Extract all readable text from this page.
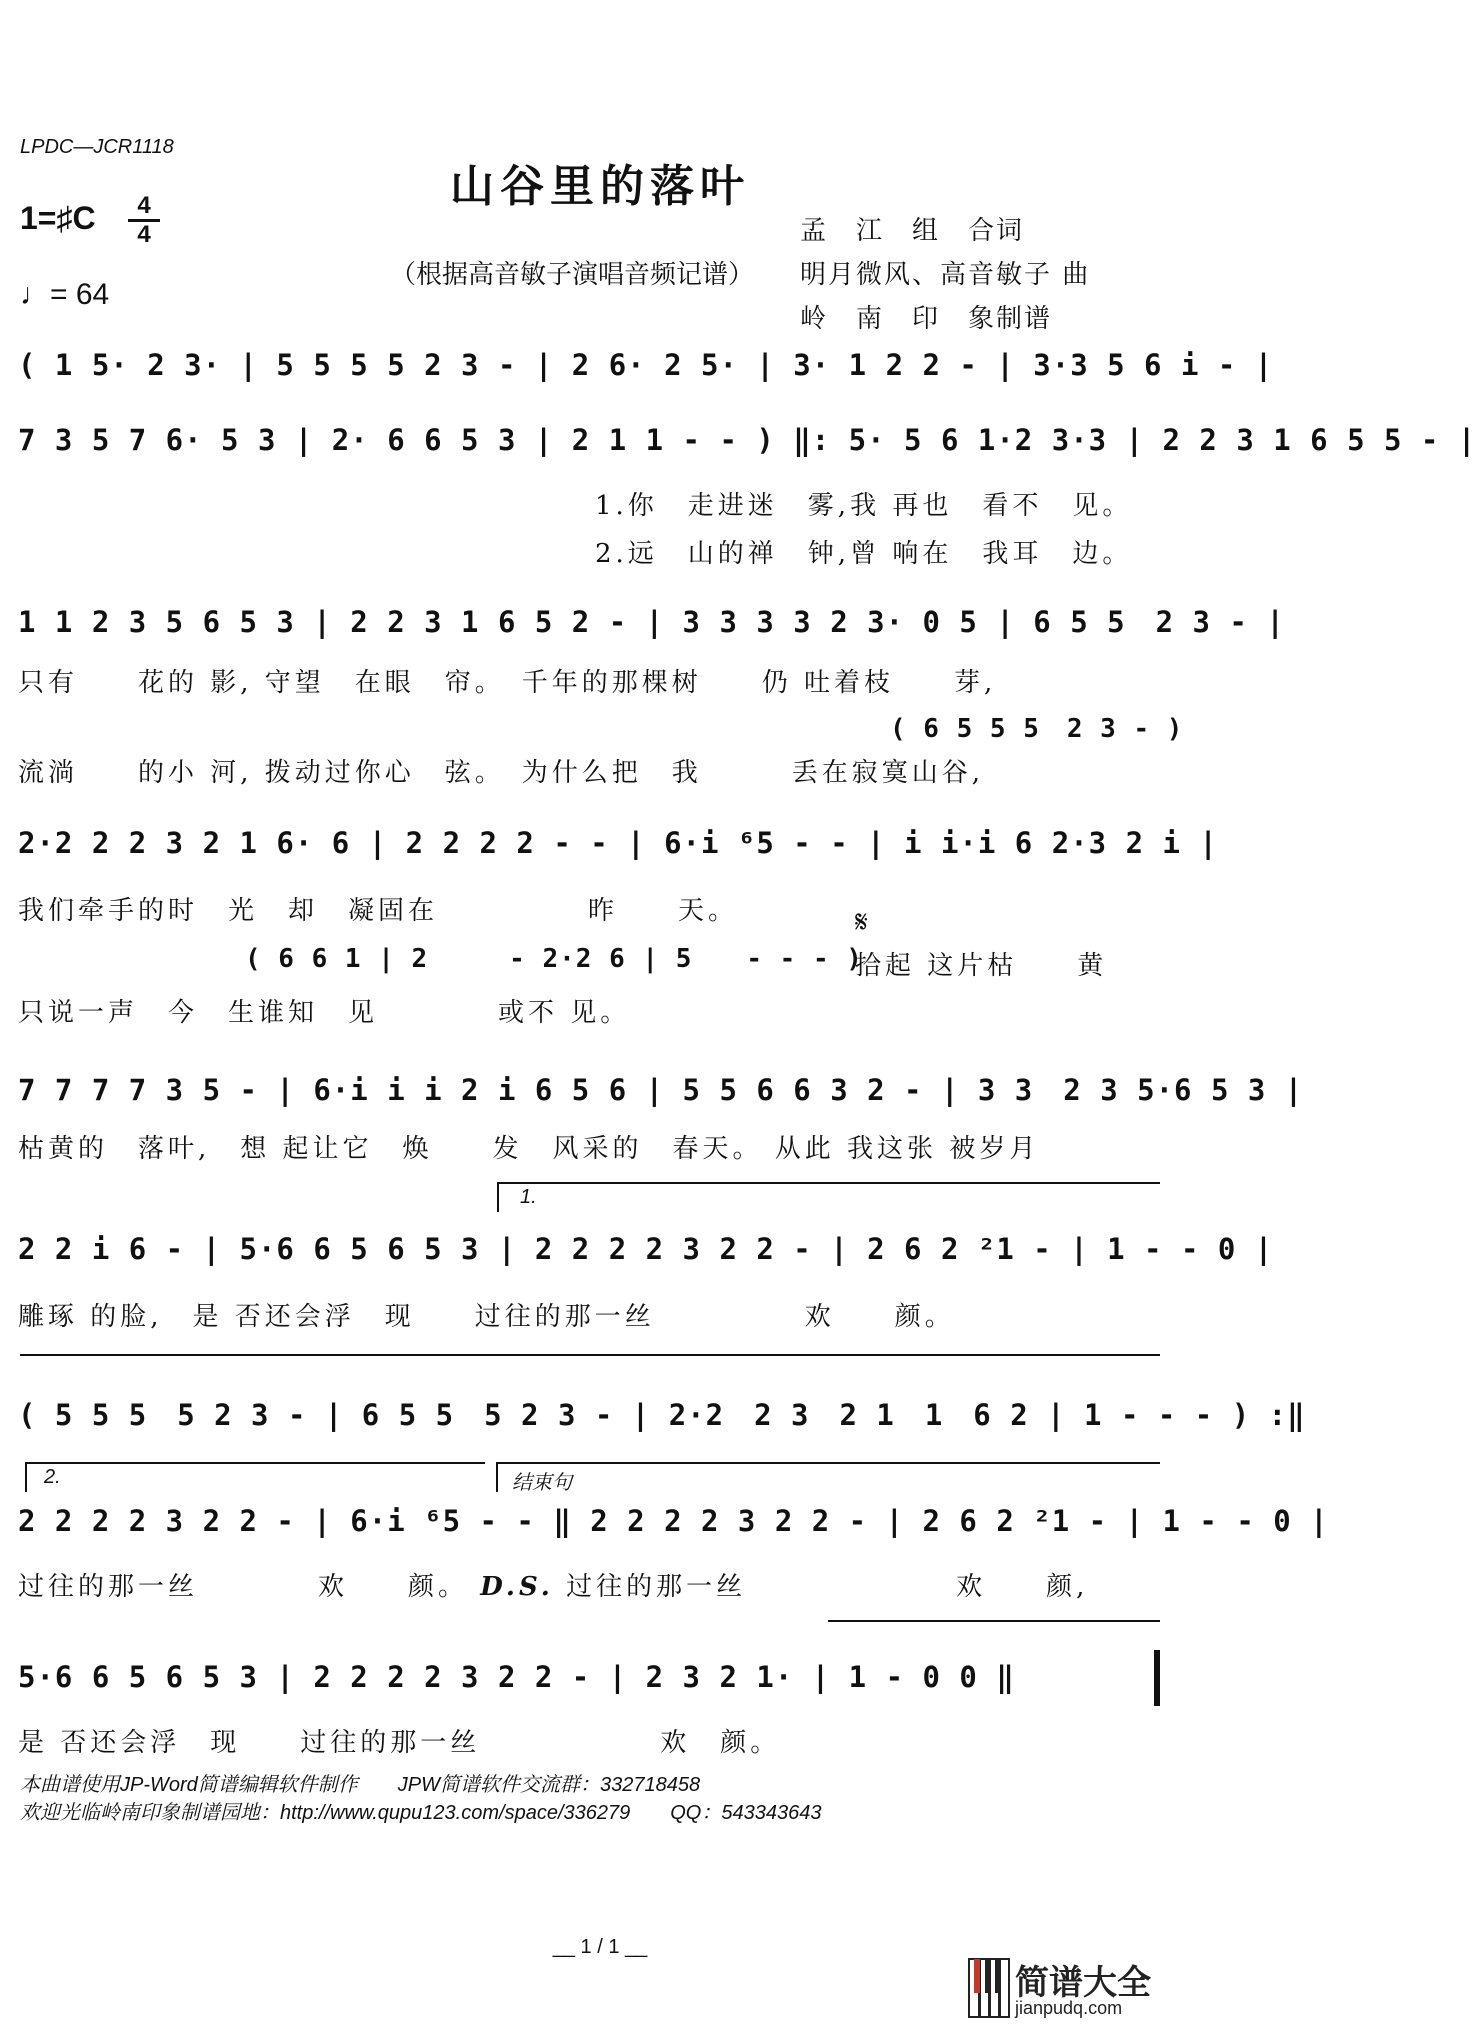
LPDC—JCR1118
山谷里的落叶
1=♯C	4
4
♩= 64
孟　江　组　合词
（根据高音敏子演唱音频记谱） 明月微风、高音敏子 曲
岭　南　印　象制谱
( 1 5· 2 3· | 5 5 5 5 2 3 - | 2 6· 2 5· | 3· 1 2 2 - | 3·3 5 6 i - |
7 3 5 7 6· 5 3 | 2· 6 6 5 3 | 2 1 1 - - ) ‖: 5· 5 6 1·2 3·3 | 2 2 3 1 6 5 5 - |
1.你　走进迷　雾,我 再也　看不　见。
2.远　山的禅　钟,曾 响在　我耳　边。
1 1 2 3 5 6 5 3 | 2 2 3 1 6 5 2 - | 3 3 3 3 2 3· 0 5 | 6 5 5　2 3 - |
只有　　花的 影, 守望　在眼　帘。　千年的那棵树　　仍 吐着枝　　芽,
( 6 5 5 5　2 3 - )
流淌　　的小 河, 拨动过你心　弦。　为什么把　我　　　丢在寂寞山谷,
2·2 2 2 3 2 1 6· 6 | 2 2 2 2 - - | 6·i ⁶5 - - | i i·i 6 2·3 2 i |
我们牵手的时　光　却　凝固在　　　　　昨　　天。
( 6 6 1 | 2　　　- 2·2 6 | 5　　- - - )
𝄋
拾起 这片枯　　黄
只说一声　今　生谁知　见　　　　或不 见。
7 7 7 7 3 5 - | 6·i i i 2 i 6 5 6 | 5 5 6 6 3 2 - | 3 3　2 3 5·6 5 3 |
枯黄的　落叶,　想 起让它　焕　　发　风采的　春天。 从此 我这张 被岁月
1.
2 2 i 6 - | 5·6 6 5 6 5 3 | 2 2 2 2 3 2 2 - | 2 6 2 ²1 - | 1 - - 0 |
雕琢 的脸,　是 否还会浮　现　　过往的那一丝　　　　　欢　　颜。
( 5 5 5　5 2 3 - | 6 5 5　5 2 3 - | 2·2　2 3　2 1　1　6 2 | 1 - - - ) :‖
2.	结束句
2 2 2 2 3 2 2 - | 6·i ⁶5 - - ‖ 2 2 2 2 3 2 2 - | 2 6 2 ²1 - | 1 - - 0 |
过往的那一丝　　　　欢　　颜。 D.S. 过往的那一丝　　　　　　　欢　　颜,
5·6 6 5 6 5 3 | 2 2 2 2 3 2 2 - | 2 3 2 1· | 1 - 0 0 ‖
是 否还会浮　现　　过往的那一丝　　　　　　欢　颜。
本曲谱使用JP-Word简谱编辑软件制作　　JPW简谱软件交流群：332718458
欢迎光临岭南印象制谱园地：http://www.qupu123.com/space/336279　　QQ：543343643
__ 1 / 1 __
简谱大全
jianpudq.com
